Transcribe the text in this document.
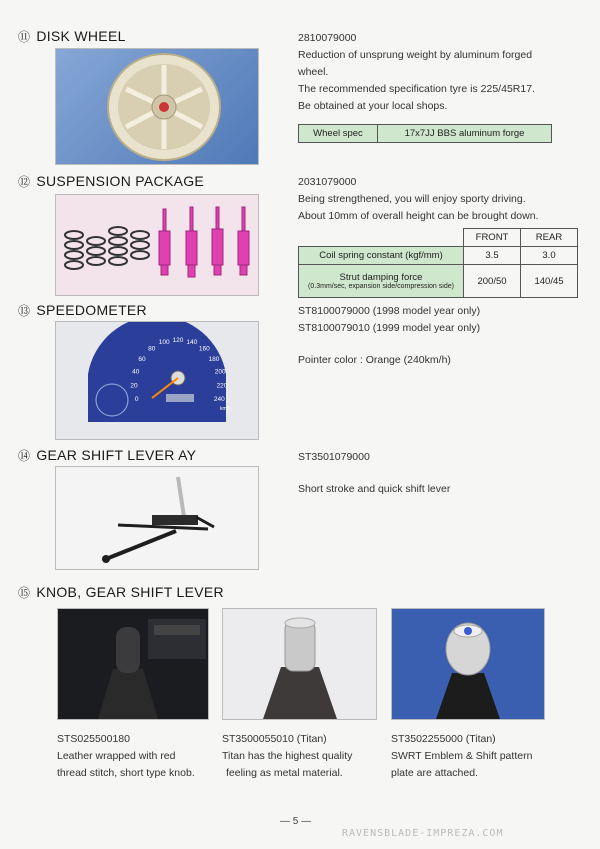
⑪ DISK WHEEL	2810079000
Reduction of unsprung weight by aluminum forged
wheel.
The recommended specification tyre is 225/45R17.
Be obtained at your local shops.
Wheel spec	17x7JJ BBS aluminum forge
⑫ SUSPENSION PACKAGE	2031079000
Being strengthened, you will enjoy sporty driving.
About 10mm of overall height can be brought down.
	FRONT	REAR
Coil spring constant (kgf/mm)	3.5	3.0

Strut damping force
(0.3mm/sec, expansion side/compression side)	200/50	140/45
⑬ SPEEDOMETER
0
20
40
60
80
100 120 140
160
180
200
220
240
km/h
ST8100079000 (1998 model year only)
ST8100079010 (1999 model year only)
Pointer color : Orange (240km/h)
⑭ GEAR SHIFT LEVER AY	ST3501079000
Short stroke and quick shift lever
⑮ KNOB, GEAR SHIFT LEVER
STS025500180
Leather wrapped with red
thread stitch, short type knob.
ST3500055010 (Titan)
Titan has the highest quality
feeling as metal material.
ST3502255000 (Titan)
SWRT Emblem & Shift pattern
plate are attached.
— 5 —
RAVENSBLADE-IMPREZA.COM
